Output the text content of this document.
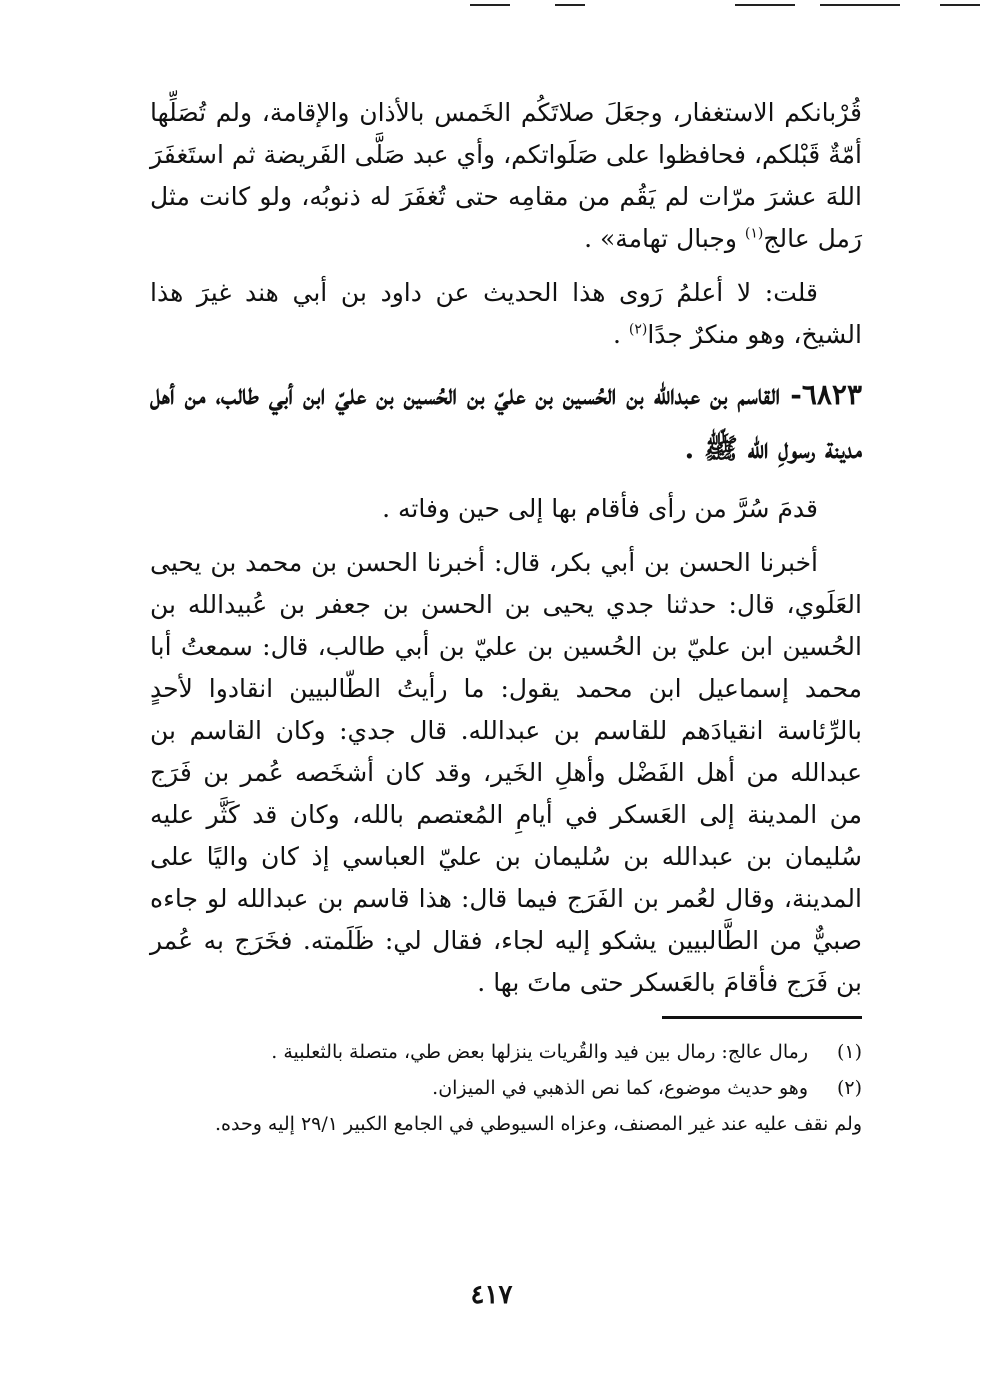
قُرْبانكم الاستغفار، وجعَلَ صلاتَكُم الخَمس بالأذان والإقامة، ولم تُصَلِّها أمّةٌ قَبْلكم، فحافظوا على صَلَواتكم، وأي عبد صَلَّى الفَريضة ثم استَغفَرَ اللهَ عشرَ مرّات لم يَقُم من مقامِه حتى تُغفَرَ له ذنوبُه، ولو كانت مثل رَمل عالج$^{(١)}$ وجبال تهامة» .

قلت: لا أعلمُ رَوى هذا الحديث عن داود بن أبي هند غيرَ هذا الشيخ، وهو منكرٌ جدًا$^{(٢)}$ .

٦٨٢٣- القاسم بن عبدالله بن الحُسين بن عليّ بن الحُسين بن عليّ ابن أبي طالب، من أهل مدينة رسولِ الله ﷺ .

قدمَ سُرَّ من رأى فأقام بها إلى حين وفاته .

أخبرنا الحسن بن أبي بكر، قال: أخبرنا الحسن بن محمد بن يحيى العَلَوي، قال: حدثنا جدي يحيى بن الحسن بن جعفر بن عُبيدالله بن الحُسين ابن عليّ بن الحُسين بن عليّ بن أبي طالب، قال: سمعتُ أبا محمد إسماعيل ابن محمد يقول: ما رأيتُ الطّالبيين انقادوا لأحدٍ بالرِّئاسة انقيادَهم للقاسم بن عبدالله. قال جدي: وكان القاسم بن عبدالله من أهل الفَضْل وأهلِ الخَير، وقد كان أشخَصه عُمر بن فَرَج من المدينة إلى العَسكر في أيامِ المُعتصم بالله، وكان قد كَثَّر عليه سُليمان بن عبدالله بن سُليمان بن عليّ العباسي إذ كان واليًا على المدينة، وقال لعُمر بن الفَرَج فيما قال: هذا قاسم بن عبدالله لو جاءه صبيٌّ من الطَّالبيين يشكو إليه لجاء، فقال لي: ظَلَمته. فخَرَج به عُمر بن فَرَج فأقامَ بالعَسكر حتى ماتَ بها .

(١)رمال عالج: رمال بين فيد والقُريات ينزلها بعض طي، متصلة بالثعلبية .
(٢)وهو حديث موضوع، كما نص الذهبي في الميزان.
ولم نقف عليه عند غير المصنف، وعزاه السيوطي في الجامع الكبير ٢٩/١ إليه وحده.
٤١٧
